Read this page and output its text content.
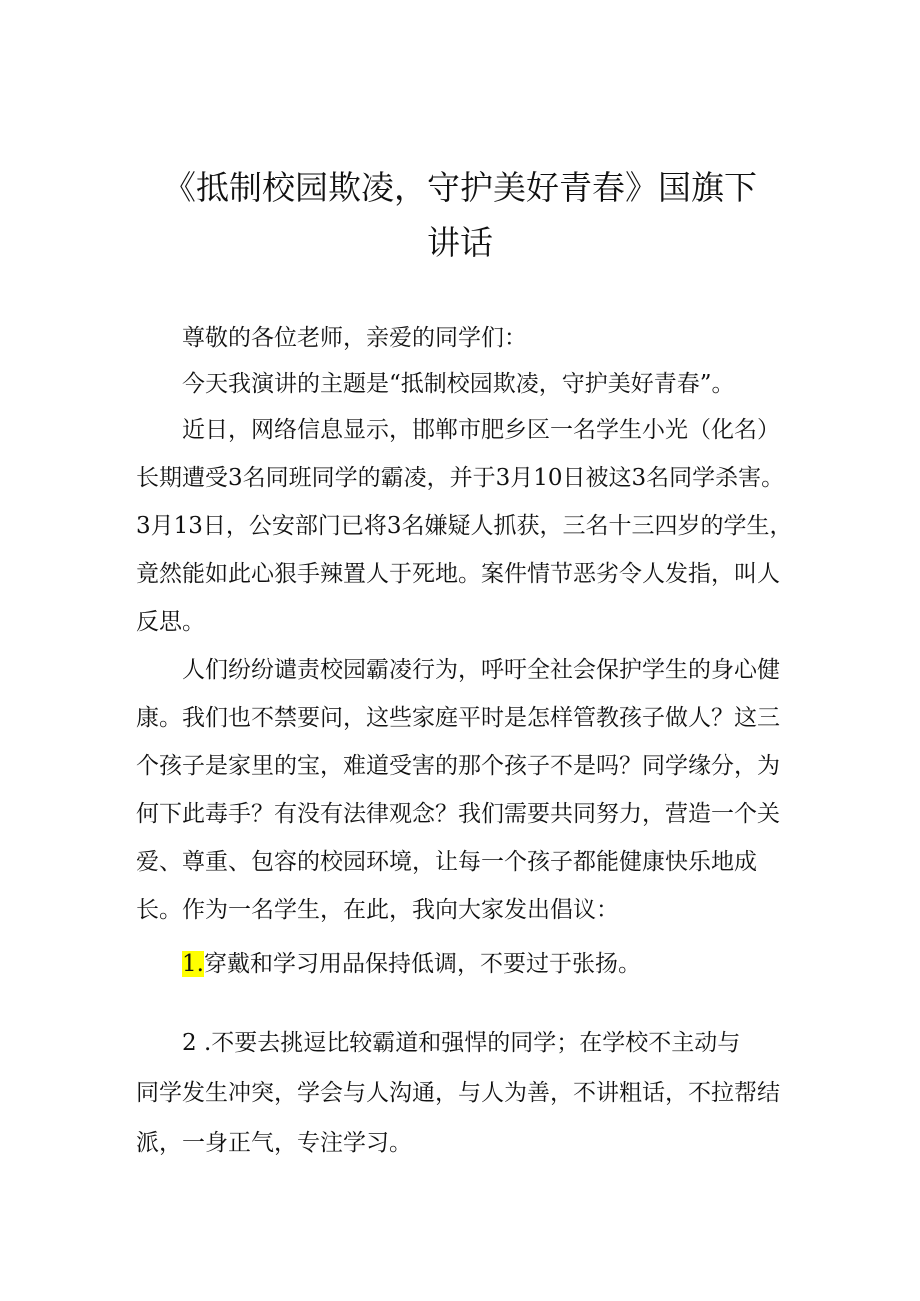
《抵制校园欺凌，守护美好青春》国旗下
讲话

尊敬的各位老师，亲爱的同学们：

今天我演讲的主题是“抵制校园欺凌，守护美好青春”。

近日，网络信息显示，邯郸市肥乡区一名学生小光（化名）长期遭受3名同班同学的霸凌，并于3月10日被这3名同学杀害。3月13日，公安部门已将3名嫌疑人抓获，三名十三四岁的学生，竟然能如此心狠手辣置人于死地。案件情节恶劣令人发指，叫人反思。

人们纷纷谴责校园霸凌行为，呼吁全社会保护学生的身心健康。我们也不禁要问，这些家庭平时是怎样管教孩子做人？这三个孩子是家里的宝，难道受害的那个孩子不是吗？同学缘分，为何下此毒手？有没有法律观念？我们需要共同努力，营造一个关爱、尊重、包容的校园环境，让每一个孩子都能健康快乐地成长。 作为一名学生，在此，我向大家发出倡议：

1.穿戴和学习用品保持低调，不要过于张扬。

2 .不要去挑逗比较霸道和强悍的同学；在学校不主动与
同学发生冲突，学会与人沟通，与人为善，不讲粗话，不拉帮结派，一身正气，专注学习。
